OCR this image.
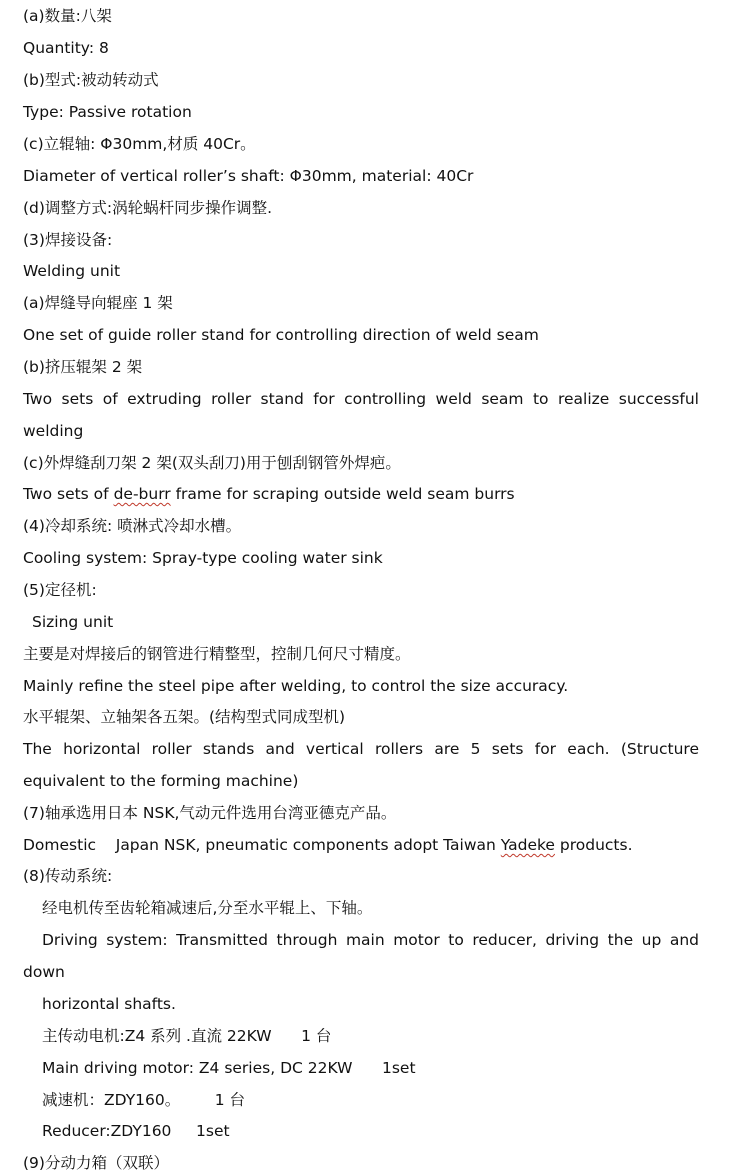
(a)数量:八架
Quantity: 8
(b)型式:被动转动式
Type: Passive rotation
(c)立辊轴: Φ30mm,材质 40Cr。
Diameter of vertical roller’s shaft: Φ30mm, material: 40Cr
(d)调整方式:涡轮蜗杆同步操作调整.
(3)焊接设备:
Welding unit
(a)焊缝导向辊座 1 架
One set of guide roller stand for controlling direction of weld seam
(b)挤压辊架 2 架
Two sets of extruding roller stand for controlling weld seam to realize successful
welding
(c)外焊缝刮刀架 2 架(双头刮刀)用于刨刮钢管外焊疤。
Two sets of de-burr frame for scraping outside weld seam burrs
(4)冷却系统: 喷淋式冷却水槽。
Cooling system: Spray-type cooling water sink
(5)定径机:
Sizing unit
主要是对焊接后的钢管进行精整型，控制几何尺寸精度。
Mainly refine the steel pipe after welding, to control the size accuracy.
水平辊架、立轴架各五架。(结构型式同成型机)
The horizontal roller stands and vertical rollers are 5 sets for each. (Structure
equivalent to the forming machine)
(7)轴承选用日本 NSK,气动元件选用台湾亚德克产品。
Domestic    Japan NSK, pneumatic components adopt Taiwan Yadeke products.
(8)传动系统:
经电机传至齿轮箱减速后,分至水平辊上、下轴。
Driving system: Transmitted through main motor to reducer, driving the up and
down
horizontal shafts.
主传动电机:Z4 系列 .直流 22KW      1 台
Main driving motor: Z4 series, DC 22KW      1set
减速机：ZDY160。       1 台
Reducer:ZDY160     1set
(9)分动力箱（双联）
